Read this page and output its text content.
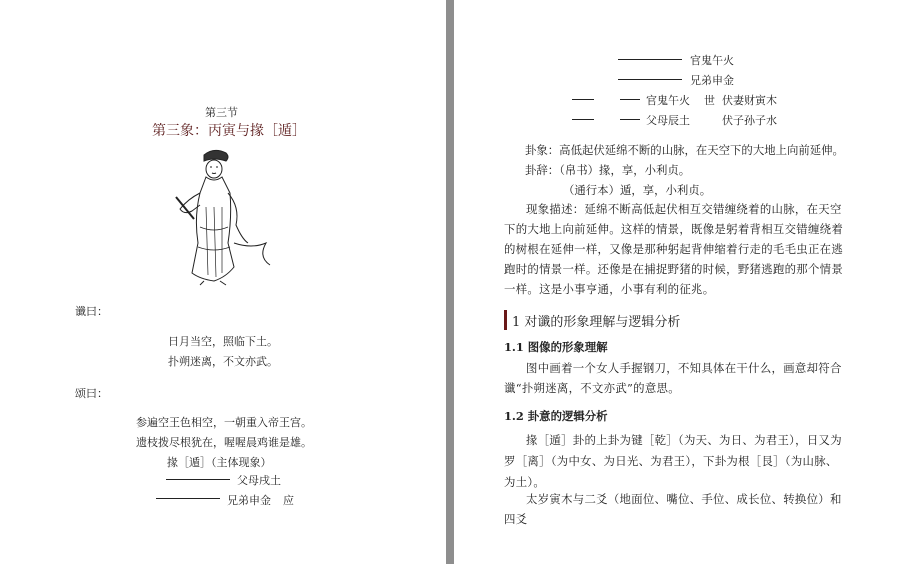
第三节
第三象：丙寅与掾［遁］
谶曰：
日月当空，照临下土。
扑朔迷离，不文亦武。
颂曰：
参遍空王色相空，一朝重入帝王宫。
遗枝拨尽根犹在，喔喔晨鸡谁是雄。
掾［遁］（主体现象）
父母戌土
兄弟申金 应
官鬼午火
兄弟申金
官鬼午火 世 伏妻财寅木
父母辰土	伏子孙子水
卦象：高低起伏延绵不断的山脉，在天空下的大地上向前延伸。
卦辞：（帛书）掾，享，小利贞。
（通行本）遁，享，小利贞。
现象描述：延绵不断高低起伏相互交错缠绕着的山脉，在天空下的大地上向前延伸。这样的情景，既像是躬着背相互交错缠绕着的树根在延伸一样，又像是那种躬起背伸缩着行走的毛毛虫正在逃跑时的情景一样。还像是在捕捉野猪的时候，野猪逃跑的那个情景一样。这是小事亨通，小事有利的征兆。
1 对谶的形象理解与逻辑分析
1.1 图像的形象理解
图中画着一个女人手握钢刀，不知具体在干什么，画意却符合谶“扑朔迷离，不文亦武”的意思。
1.2 卦意的逻辑分析
掾［遁］卦的上卦为键［乾］（为天、为日、为君王），日又为罗［离］（为中女、为日光、为君王），下卦为根［艮］（为山脉、为土）。
太岁寅木与二爻（地面位、嘴位、手位、成长位、转换位）和四爻
